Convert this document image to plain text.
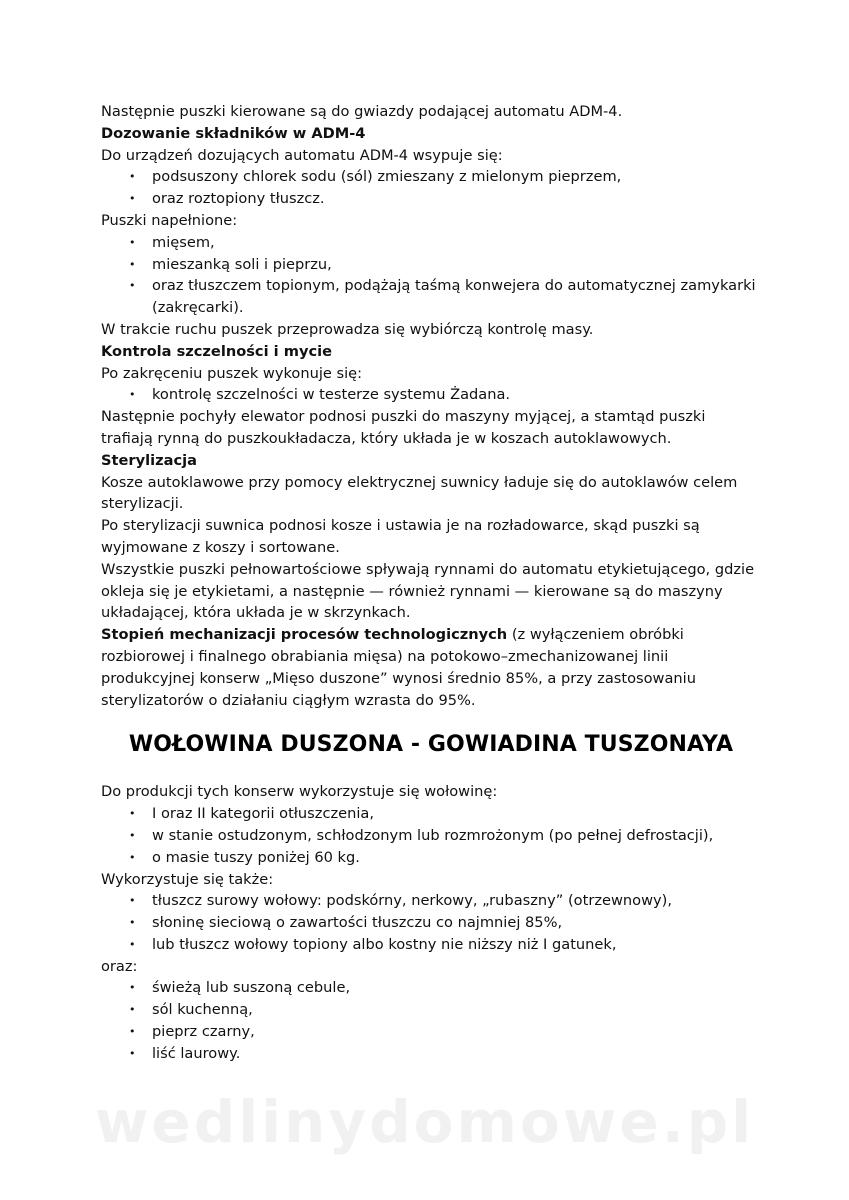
Następnie puszki kierowane są do gwiazdy podającej automatu ADM-4.

Dozowanie składników w ADM-4

Do urządzeń dozujących automatu ADM-4 wsypuje się:

• podsuszony chlorek sodu (sól) zmieszany z mielonym pieprzem,
• oraz roztopiony tłuszcz.

Puszki napełnione:

• mięsem,
• mieszanką soli i pieprzu,
• oraz tłuszczem topionym, podążają taśmą konwejera do automatycznej zamykarki (zakręcarki).

W trakcie ruchu puszek przeprowadza się wybiórczą kontrolę masy.

Kontrola szczelności i mycie

Po zakręceniu puszek wykonuje się:

• kontrolę szczelności w testerze systemu Żadana.

Następnie pochyły elewator podnosi puszki do maszyny myjącej, a stamtąd puszki trafiają rynną do puszkoukładacza, który układa je w koszach autoklawowych.

Sterylizacja

Kosze autoklawowe przy pomocy elektrycznej suwnicy ładuje się do autoklawów celem sterylizacji.

Po sterylizacji suwnica podnosi kosze i ustawia je na rozładowarce, skąd puszki są wyjmowane z koszy i sortowane.

Wszystkie puszki pełnowartościowe spływają rynnami do automatu etykietującego, gdzie okleja się je etykietami, a następnie — również rynnami — kierowane są do maszyny układającej, która układa je w skrzynkach.

Stopień mechanizacji procesów technologicznych (z wyłączeniem obróbki rozbiorowej i finalnego obrabiania mięsa) na potokowo–zmechanizowanej linii produkcyjnej konserw „Mięso duszone” wynosi średnio 85%, a przy zastosowaniu sterylizatorów o działaniu ciągłym wzrasta do 95%.

WOŁOWINA DUSZONA - GOWIADINA TUSZONAYA

Do produkcji tych konserw wykorzystuje się wołowinę:

• I oraz II kategorii otłuszczenia,
• w stanie ostudzonym, schłodzonym lub rozmrożonym (po pełnej defrostacji),
• o masie tuszy poniżej 60 kg.

Wykorzystuje się także:

• tłuszcz surowy wołowy: podskórny, nerkowy, „rubaszny” (otrzewnowy),
• słoninę sieciową o zawartości tłuszczu co najmniej 85%,
• lub tłuszcz wołowy topiony albo kostny nie niższy niż I gatunek,

oraz:

• świeżą lub suszoną cebule,
• sól kuchenną,
• pieprz czarny,
• liść laurowy.
wedlinydomowe.pl
